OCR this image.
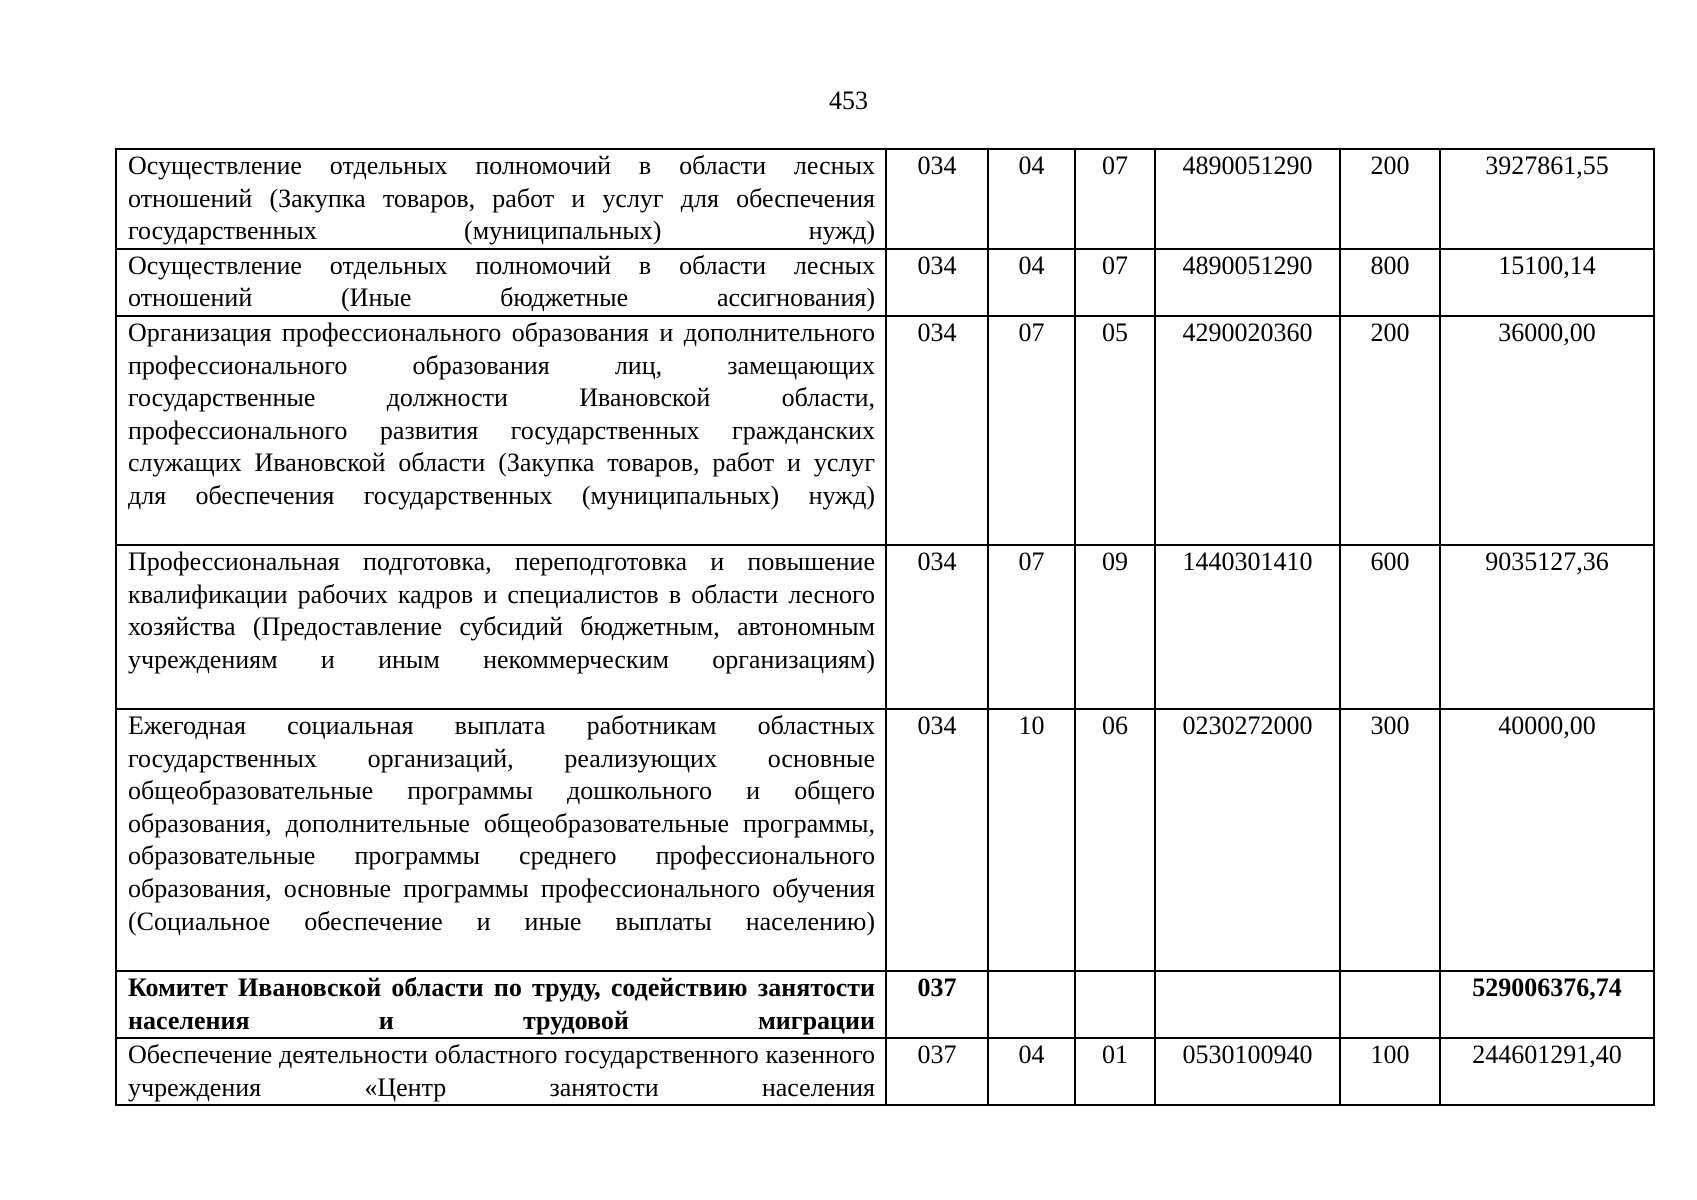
453
Осуществление отдельных полномочий в области лесных отношений (Закупка товаров, работ и услуг для обеспечения государственных (муниципальных) нужд)	034	04	07	4890051290	200	3927861,55
Осуществление отдельных полномочий в области лесных отношений (Иные бюджетные ассигнования)	034	04	07	4890051290	800	15100,14
Организация профессионального образования и дополнительного профессионального образования лиц, замещающих государственные должности Ивановской области, профессионального развития государственных гражданских служащих Ивановской области (Закупка товаров, работ и услуг для обеспечения государственных (муниципальных) нужд)	034	07	05	4290020360	200	36000,00
Профессиональная подготовка, переподготовка и повышение квалификации рабочих кадров и специалистов в области лесного хозяйства (Предоставление субсидий бюджетным, автономным учреждениям и иным некоммерческим организациям)	034	07	09	1440301410	600	9035127,36
Ежегодная социальная выплата работникам областных государственных организаций, реализующих основные общеобразовательные программы дошкольного и общего образования, дополнительные общеобразовательные программы, образовательные программы среднего профессионального образования, основные программы профессионального обучения (Социальное обеспечение и иные выплаты населению)	034	10	06	0230272000	300	40000,00
Комитет Ивановской области по труду, содействию занятости населения и трудовой миграции	037					529006376,74
Обеспечение деятельности областного государственного казенного учреждения «Центр занятости населения	037	04	01	0530100940	100	244601291,40
